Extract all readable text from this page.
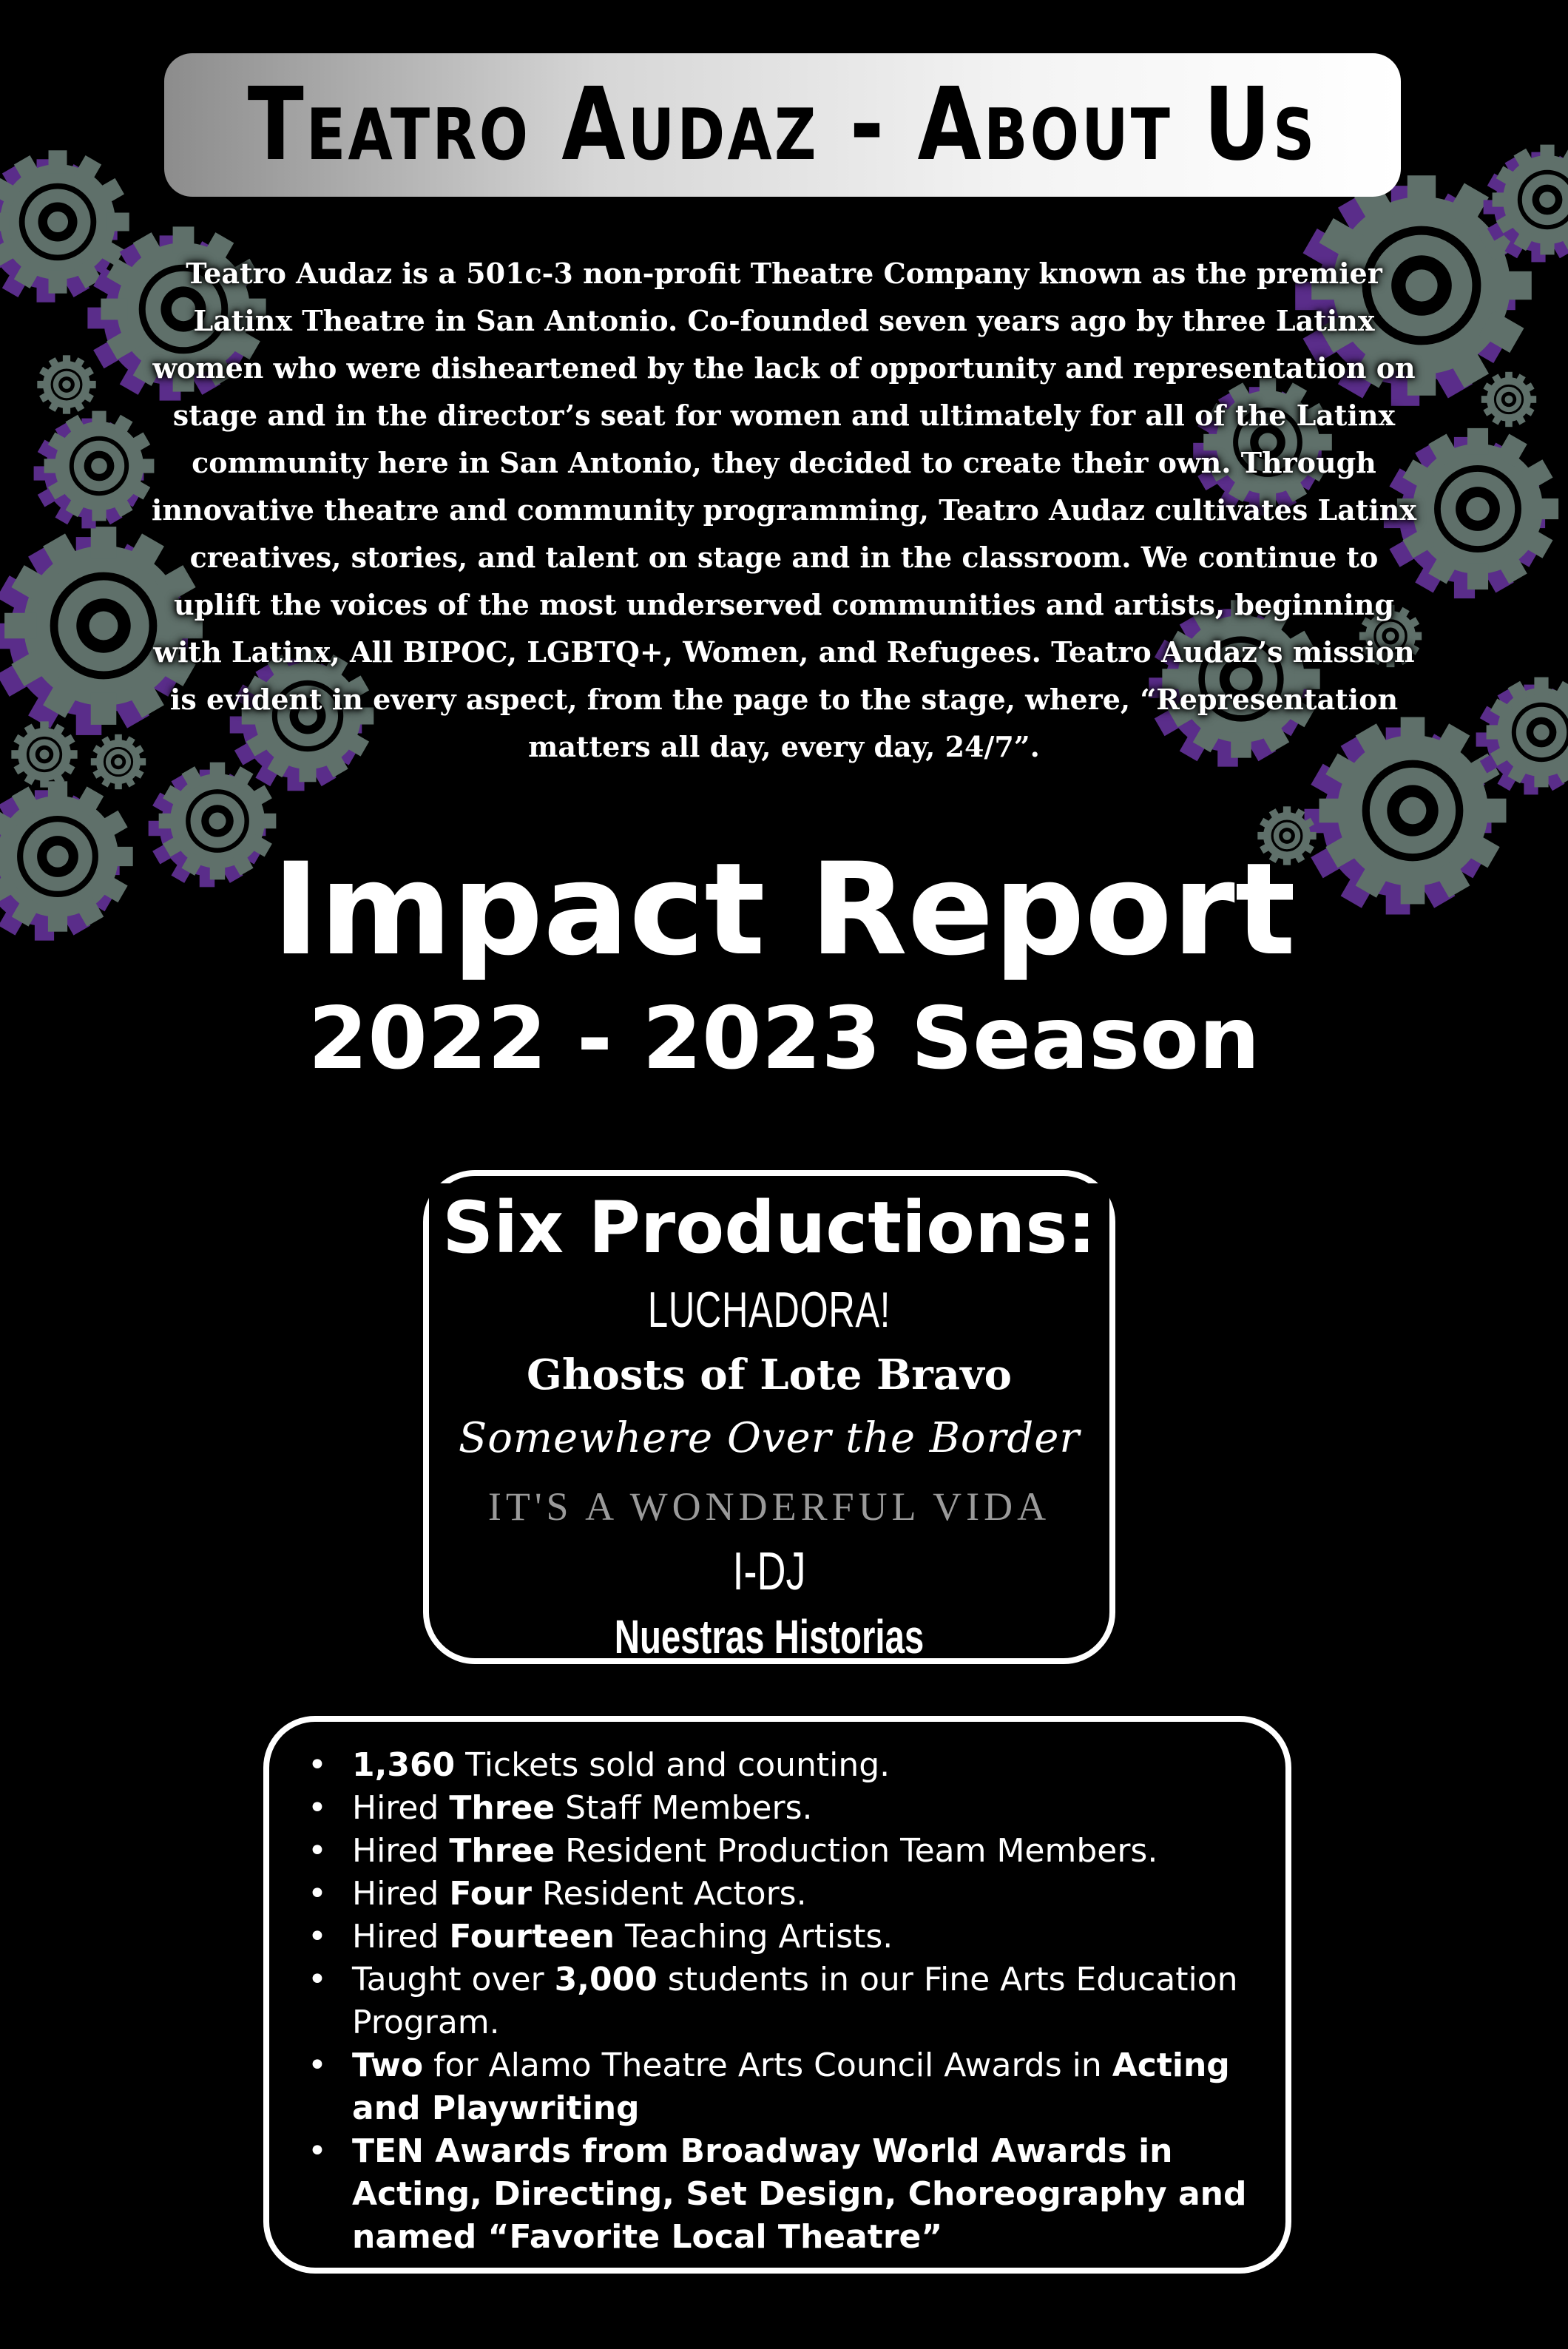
Teatro Audaz - About Us

Teatro Audaz is a 501c-3 non-profit Theatre Company known as the premier Latinx Theatre in San Antonio. Co-founded seven years ago by three Latinx women who were disheartened by the lack of opportunity and representation on stage and in the director’s seat for women and ultimately for all of the Latinx community here in San Antonio, they decided to create their own. Through innovative theatre and community programming, Teatro Audaz cultivates Latinx creatives, stories, and talent on stage and in the classroom. We continue to uplift the voices of the most underserved communities and artists, beginning with Latinx, All BIPOC, LGBTQ+, Women, and Refugees. Teatro Audaz’s mission is evident in every aspect, from the page to the stage, where, “Representation matters all day, every day, 24/7”.

Impact Report
2022 - 2023 Season
Six Productions:
LUCHADORA!
Ghosts of Lote Bravo
Somewhere Over the Border
IT'S A WONDERFUL VIDA
I-DJ
Nuestras Historias
• 1,360 Tickets sold and counting.
• Hired Three Staff Members.
• Hired Three Resident Production Team Members.
• Hired Four Resident Actors.
• Hired Fourteen Teaching Artists.
• Taught over 3,000 students in our Fine Arts Education Program.
• Two for Alamo Theatre Arts Council Awards in Acting and Playwriting
• TEN Awards from Broadway World Awards in Acting, Directing, Set Design, Choreography and named “Favorite Local Theatre”
